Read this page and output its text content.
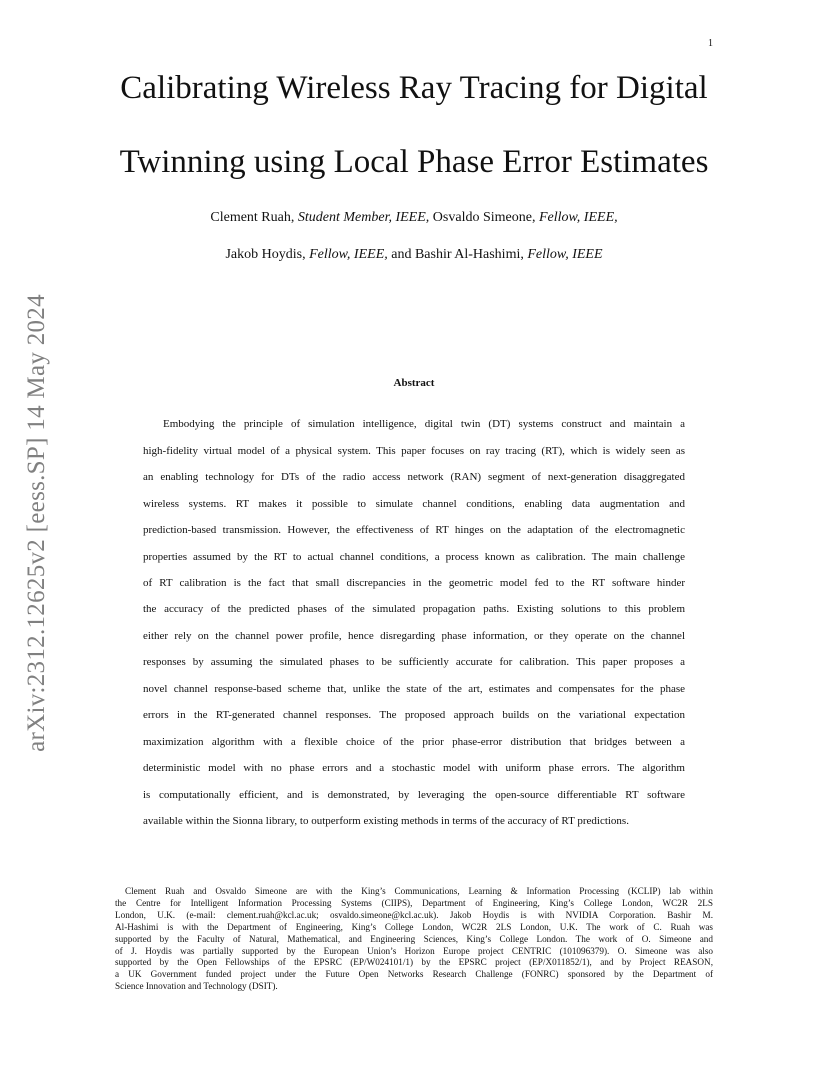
1
arXiv:2312.12625v2 [eess.SP] 14 May 2024
Calibrating Wireless Ray Tracing for Digital
Twinning using Local Phase Error Estimates
Clement Ruah, Student Member, IEEE, Osvaldo Simeone, Fellow, IEEE,
Jakob Hoydis, Fellow, IEEE, and Bashir Al-Hashimi, Fellow, IEEE
Abstract
Embodying the principle of simulation intelligence, digital twin (DT) systems construct and maintain a
high-fidelity virtual model of a physical system. This paper focuses on ray tracing (RT), which is widely seen as
an enabling technology for DTs of the radio access network (RAN) segment of next-generation disaggregated
wireless systems. RT makes it possible to simulate channel conditions, enabling data augmentation and
prediction-based transmission. However, the effectiveness of RT hinges on the adaptation of the electromagnetic
properties assumed by the RT to actual channel conditions, a process known as calibration. The main challenge
of RT calibration is the fact that small discrepancies in the geometric model fed to the RT software hinder
the accuracy of the predicted phases of the simulated propagation paths. Existing solutions to this problem
either rely on the channel power profile, hence disregarding phase information, or they operate on the channel
responses by assuming the simulated phases to be sufficiently accurate for calibration. This paper proposes a
novel channel response-based scheme that, unlike the state of the art, estimates and compensates for the phase
errors in the RT-generated channel responses. The proposed approach builds on the variational expectation
maximization algorithm with a flexible choice of the prior phase-error distribution that bridges between a
deterministic model with no phase errors and a stochastic model with uniform phase errors. The algorithm
is computationally efficient, and is demonstrated, by leveraging the open-source differentiable RT software
available within the Sionna library, to outperform existing methods in terms of the accuracy of RT predictions.
Clement Ruah and Osvaldo Simeone are with the King’s Communications, Learning & Information Processing (KCLIP) lab within
the Centre for Intelligent Information Processing Systems (CIIPS), Department of Engineering, King’s College London, WC2R 2LS
London, U.K. (e-mail: clement.ruah@kcl.ac.uk; osvaldo.simeone@kcl.ac.uk). Jakob Hoydis is with NVIDIA Corporation. Bashir M.
Al-Hashimi is with the Department of Engineering, King’s College London, WC2R 2LS London, U.K. The work of C. Ruah was
supported by the Faculty of Natural, Mathematical, and Engineering Sciences, King’s College London. The work of O. Simeone and
of J. Hoydis was partially supported by the European Union’s Horizon Europe project CENTRIC (101096379). O. Simeone was also
supported by the Open Fellowships of the EPSRC (EP/W024101/1) by the EPSRC project (EP/X011852/1), and by Project REASON,
a UK Government funded project under the Future Open Networks Research Challenge (FONRC) sponsored by the Department of
Science Innovation and Technology (DSIT).
